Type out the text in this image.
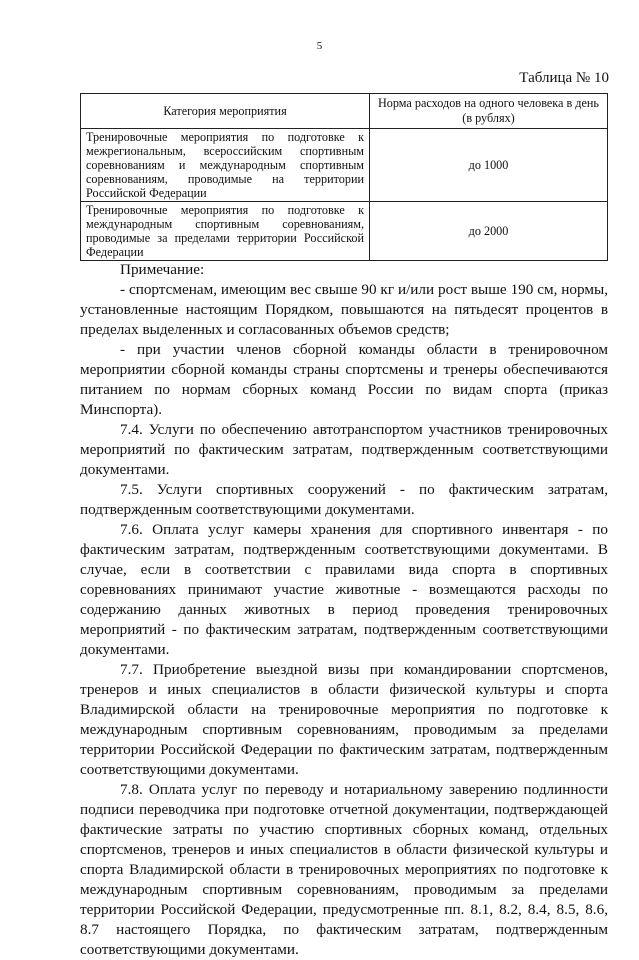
5
Таблица № 10
Категория мероприятия	Норма расходов на одного человека в день (в рублях)
Тренировочные мероприятия по подготовке к межрегиональным, всероссийским спортивным соревнованиям и международным спортивным соревнованиям, проводимые на территории Российской Федерации	до 1000
Тренировочные мероприятия по подготовке к международным спортивным соревнованиям, проводимые за пределами территории Российской Федерации	до 2000

Примечание:

- спортсменам, имеющим вес свыше 90 кг и/или рост выше 190 см, нормы, установленные настоящим Порядком, повышаются на пятьдесят процентов в пределах выделенных и согласованных объемов средств;

- при участии членов сборной команды области в тренировочном мероприятии сборной команды страны спортсмены и тренеры обеспечиваются питанием по нормам сборных команд России по видам спорта (приказ Минспорта).

7.4. Услуги по обеспечению автотранспортом участников тренировочных мероприятий по фактическим затратам, подтвержденным соответствующими документами.

7.5. Услуги спортивных сооружений - по фактическим затратам, подтвержденным соответствующими документами.

7.6. Оплата услуг камеры хранения для спортивного инвентаря - по фактическим затратам, подтвержденным соответствующими документами. В случае, если в соответствии с правилами вида спорта в спортивных соревнованиях принимают участие животные - возмещаются расходы по содержанию данных животных в период проведения тренировочных мероприятий - по фактическим затратам, подтвержденным соответствующими документами.

7.7. Приобретение выездной визы при командировании спортсменов, тренеров и иных специалистов в области физической культуры и спорта Владимирской области на тренировочные мероприятия по подготовке к международным спортивным соревнованиям, проводимым за пределами территории Российской Федерации по фактическим затратам, подтвержденным соответствующими документами.

7.8. Оплата услуг по переводу и нотариальному заверению подлинности подписи переводчика при подготовке отчетной документации, подтверждающей фактические затраты по участию спортивных сборных команд, отдельных спортсменов, тренеров и иных специалистов в области физической культуры и спорта Владимирской области в тренировочных мероприятиях по подготовке к международным спортивным соревнованиям, проводимым за пределами территории Российской Федерации, предусмотренные пп. 8.1, 8.2, 8.4, 8.5, 8.6, 8.7 настоящего Порядка, по фактическим затратам, подтвержденным соответствующими документами.
